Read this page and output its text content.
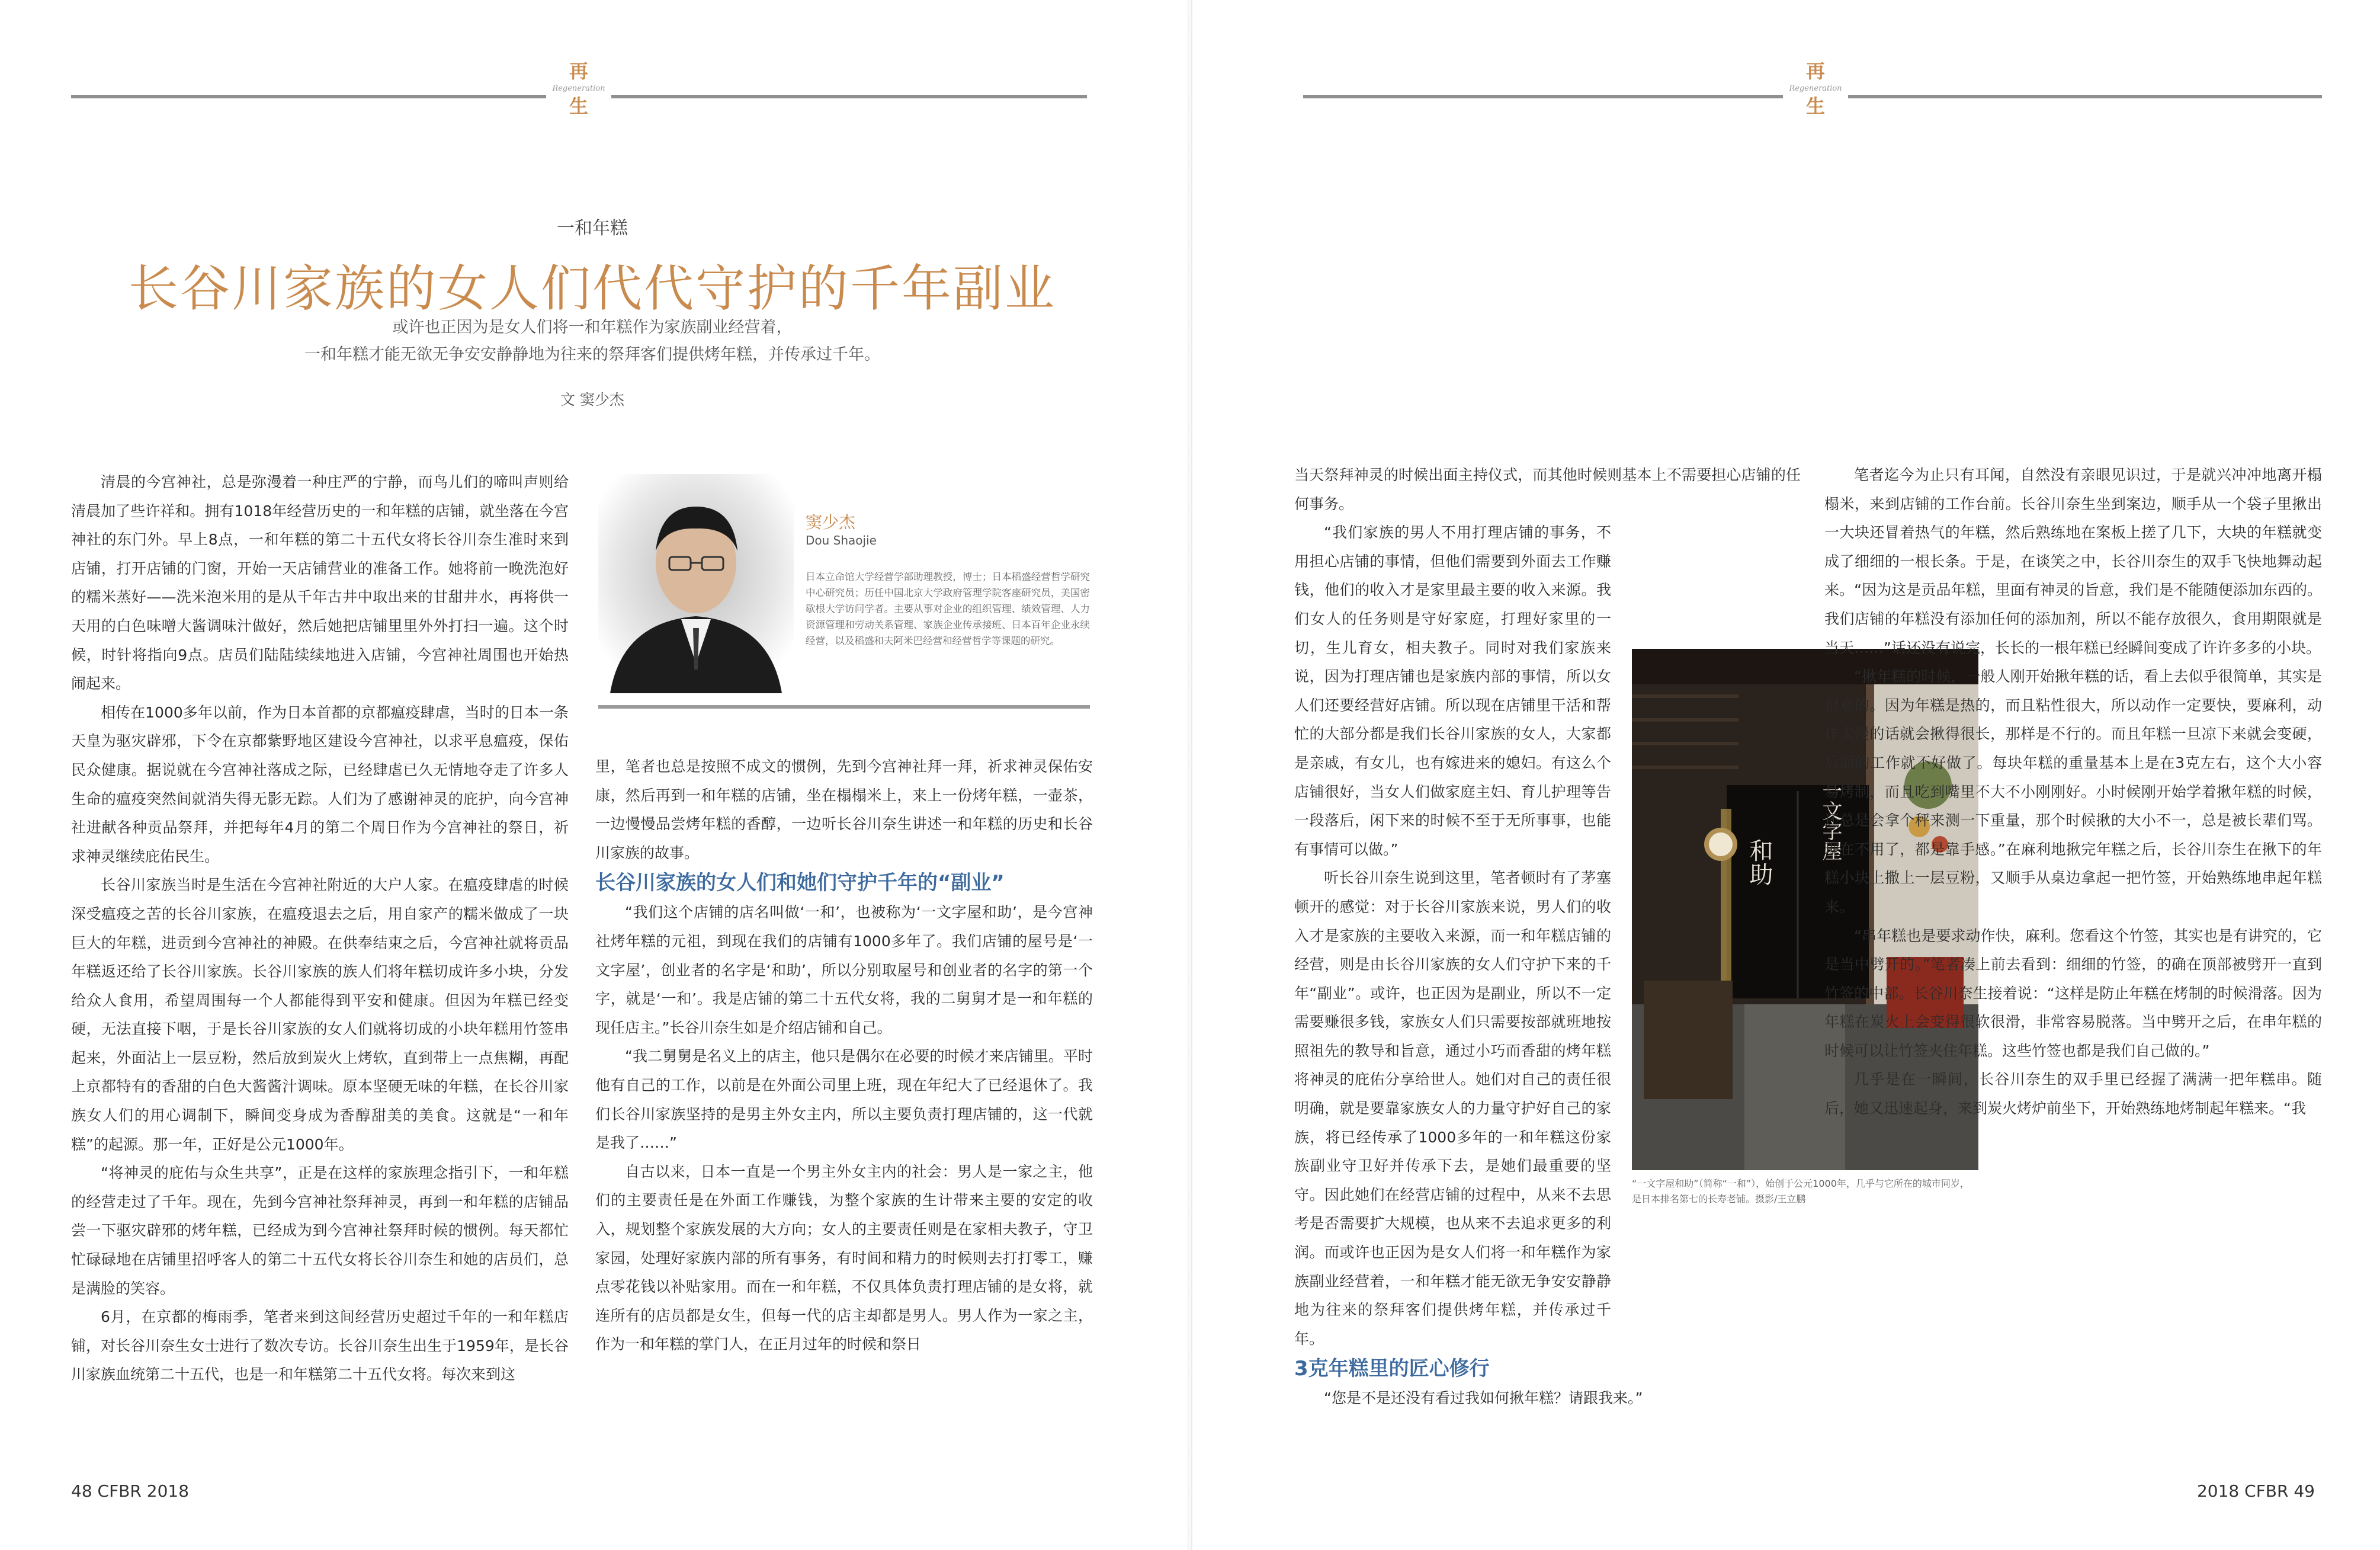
再
Regeneration
生
再
Regeneration
生
一和年糕
长谷川家族的女人们代代守护的千年副业
或许也正因为是女人们将一和年糕作为家族副业经营着，
一和年糕才能无欲无争安安静静地为往来的祭拜客们提供烤年糕，并传承过千年。
文 窦少杰

清晨的今宫神社，总是弥漫着一种庄严的宁静，而鸟儿们的啼叫声则给清晨加了些许祥和。拥有1018年经营历史的一和年糕的店铺，就坐落在今宫神社的东门外。早上8点，一和年糕的第二十五代女将长谷川奈生准时来到店铺，打开店铺的门窗，开始一天店铺营业的准备工作。她将前一晚洗泡好的糯米蒸好——洗米泡米用的是从千年古井中取出来的甘甜井水，再将供一天用的白色味噌大酱调味汁做好，然后她把店铺里里外外打扫一遍。这个时候，时针将指向9点。店员们陆陆续续地进入店铺，今宫神社周围也开始热闹起来。

相传在1000多年以前，作为日本首都的京都瘟疫肆虐，当时的日本一条天皇为驱灾辟邪，下令在京都紫野地区建设今宫神社，以求平息瘟疫，保佑民众健康。据说就在今宫神社落成之际，已经肆虐已久无情地夺走了许多人生命的瘟疫突然间就消失得无影无踪。人们为了感谢神灵的庇护，向今宫神社进献各种贡品祭拜，并把每年4月的第二个周日作为今宫神社的祭日，祈求神灵继续庇佑民生。

长谷川家族当时是生活在今宫神社附近的大户人家。在瘟疫肆虐的时候深受瘟疫之苦的长谷川家族，在瘟疫退去之后，用自家产的糯米做成了一块巨大的年糕，进贡到今宫神社的神殿。在供奉结束之后，今宫神社就将贡品年糕返还给了长谷川家族。长谷川家族的族人们将年糕切成许多小块，分发给众人食用，希望周围每一个人都能得到平安和健康。但因为年糕已经变硬，无法直接下咽，于是长谷川家族的女人们就将切成的小块年糕用竹签串起来，外面沾上一层豆粉，然后放到炭火上烤软，直到带上一点焦糊，再配上京都特有的香甜的白色大酱酱汁调味。原本坚硬无味的年糕，在长谷川家族女人们的用心调制下，瞬间变身成为香醇甜美的美食。这就是“一和年糕”的起源。那一年，正好是公元1000年。

“将神灵的庇佑与众生共享”，正是在这样的家族理念指引下，一和年糕的经营走过了千年。现在，先到今宫神社祭拜神灵，再到一和年糕的店铺品尝一下驱灾辟邪的烤年糕，已经成为到今宫神社祭拜时候的惯例。每天都忙忙碌碌地在店铺里招呼客人的第二十五代女将长谷川奈生和她的店员们，总是满脸的笑容。

6月，在京都的梅雨季，笔者来到这间经营历史超过千年的一和年糕店铺，对长谷川奈生女士进行了数次专访。长谷川奈生出生于1959年，是长谷川家族血统第二十五代，也是一和年糕第二十五代女将。每次来到这

窦少杰
Dou Shaojie
日本立命馆大学经营学部助理教授，博士；日本稻盛经营哲学研究中心研究员；历任中国北京大学政府管理学院客座研究员，美国密歇根大学访问学者。主要从事对企业的组织管理、绩效管理、人力资源管理和劳动关系管理、家族企业传承接班、日本百年企业永续经营，以及稻盛和夫阿米巴经营和经营哲学等课题的研究。

里，笔者也总是按照不成文的惯例，先到今宫神社拜一拜，祈求神灵保佑安康，然后再到一和年糕的店铺，坐在榻榻米上，来上一份烤年糕，一壶茶，一边慢慢品尝烤年糕的香醇，一边听长谷川奈生讲述一和年糕的历史和长谷川家族的故事。

长谷川家族的女人们和她们守护千年的“副业”

“我们这个店铺的店名叫做‘一和’，也被称为‘一文字屋和助’，是今宫神社烤年糕的元祖，到现在我们的店铺有1000多年了。我们店铺的屋号是‘一文字屋’，创业者的名字是‘和助’，所以分别取屋号和创业者的名字的第一个字，就是‘一和’。我是店铺的第二十五代女将，我的二舅舅才是一和年糕的现任店主。”长谷川奈生如是介绍店铺和自己。

“我二舅舅是名义上的店主，他只是偶尔在必要的时候才来店铺里。平时他有自己的工作，以前是在外面公司里上班，现在年纪大了已经退休了。我们长谷川家族坚持的是男主外女主内，所以主要负责打理店铺的，这一代就是我了……”

自古以来，日本一直是一个男主外女主内的社会：男人是一家之主，他们的主要责任是在外面工作赚钱，为整个家族的生计带来主要的安定的收入，规划整个家族发展的大方向；女人的主要责任则是在家相夫教子，守卫家园，处理好家族内部的所有事务，有时间和精力的时候则去打打零工，赚点零花钱以补贴家用。而在一和年糕，不仅具体负责打理店铺的是女将，就连所有的店员都是女生，但每一代的店主却都是男人。男人作为一家之主，作为一和年糕的掌门人，在正月过年的时候和祭日

当天祭拜神灵的时候出面主持仪式，而其他时候则基本上不需要担心店铺的任何事务。

“我们家族的男人不用打理店铺的事务，不用担心店铺的事情，但他们需要到外面去工作赚钱，他们的收入才是家里最主要的收入来源。我们女人的任务则是守好家庭，打理好家里的一切，生儿育女，相夫教子。同时对我们家族来说，因为打理店铺也是家族内部的事情，所以女人们还要经营好店铺。所以现在店铺里干活和帮忙的大部分都是我们长谷川家族的女人，大家都是亲戚，有女儿，也有嫁进来的媳妇。有这么个店铺很好，当女人们做家庭主妇、育儿护理等告一段落后，闲下来的时候不至于无所事事，也能有事情可以做。”

听长谷川奈生说到这里，笔者顿时有了茅塞顿开的感觉：对于长谷川家族来说，男人们的收入才是家族的主要收入来源，而一和年糕店铺的经营，则是由长谷川家族的女人们守护下来的千年“副业”。或许，也正因为是副业，所以不一定需要赚很多钱，家族女人们只需要按部就班地按照祖先的教导和旨意，通过小巧而香甜的烤年糕将神灵的庇佑分享给世人。她们对自己的责任很明确，就是要靠家族女人的力量守护好自己的家族，将已经传承了1000多年的一和年糕这份家族副业守卫好并传承下去，是她们最重要的坚守。因此她们在经营店铺的过程中，从来不去思考是否需要扩大规模，也从来不去追求更多的利润。而或许也正因为是女人们将一和年糕作为家族副业经营着，一和年糕才能无欲无争安安静静地为往来的祭拜客们提供烤年糕，并传承过千年。

3克年糕里的匠心修行

“您是不是还没有看过我如何揪年糕？请跟我来。”

和助
一文字屋
“一文字屋和助”（简称“一和”），始创于公元1000年，几乎与它所在的城市同岁，是日本排名第七的长寿老铺。摄影/王立鹏

笔者迄今为止只有耳闻，自然没有亲眼见识过，于是就兴冲冲地离开榻榻米，来到店铺的工作台前。长谷川奈生坐到案边，顺手从一个袋子里揪出一大块还冒着热气的年糕，然后熟练地在案板上搓了几下，大块的年糕就变成了细细的一根长条。于是，在谈笑之中，长谷川奈生的双手飞快地舞动起来。“因为这是贡品年糕，里面有神灵的旨意，我们是不能随便添加东西的。我们店铺的年糕没有添加任何的添加剂，所以不能存放很久，食用期限就是当天……”话还没有说完，长长的一根年糕已经瞬间变成了许许多多的小块。

“揪年糕的时候，一般人刚开始揪年糕的话，看上去似乎很简单，其实是很难的。因为年糕是热的，而且粘性很大，所以动作一定要快，要麻利，动作太慢的话就会揪得很长，那样是不行的。而且年糕一旦凉下来就会变硬，后面的工作就不好做了。每块年糕的重量基本上是在3克左右，这个大小容易烤制，而且吃到嘴里不大不小刚刚好。小时候刚开始学着揪年糕的时候，还总是会拿个秤来测一下重量，那个时候揪的大小不一，总是被长辈们骂。现在不用了，都是靠手感。”在麻利地揪完年糕之后，长谷川奈生在揪下的年糕小块上撒上一层豆粉，又顺手从桌边拿起一把竹签，开始熟练地串起年糕来。

“串年糕也是要求动作快，麻利。您看这个竹签，其实也是有讲究的，它是当中劈开的。”笔者凑上前去看到：细细的竹签，的确在顶部被劈开一直到竹签的中部。长谷川奈生接着说：“这样是防止年糕在烤制的时候滑落。因为年糕在炭火上会变得很软很滑，非常容易脱落。当中劈开之后，在串年糕的时候可以让竹签夹住年糕。这些竹签也都是我们自己做的。”

几乎是在一瞬间，长谷川奈生的双手里已经握了满满一把年糕串。随后，她又迅速起身，来到炭火烤炉前坐下，开始熟练地烤制起年糕来。“我

48 CFBR 2018	2018 CFBR 49
